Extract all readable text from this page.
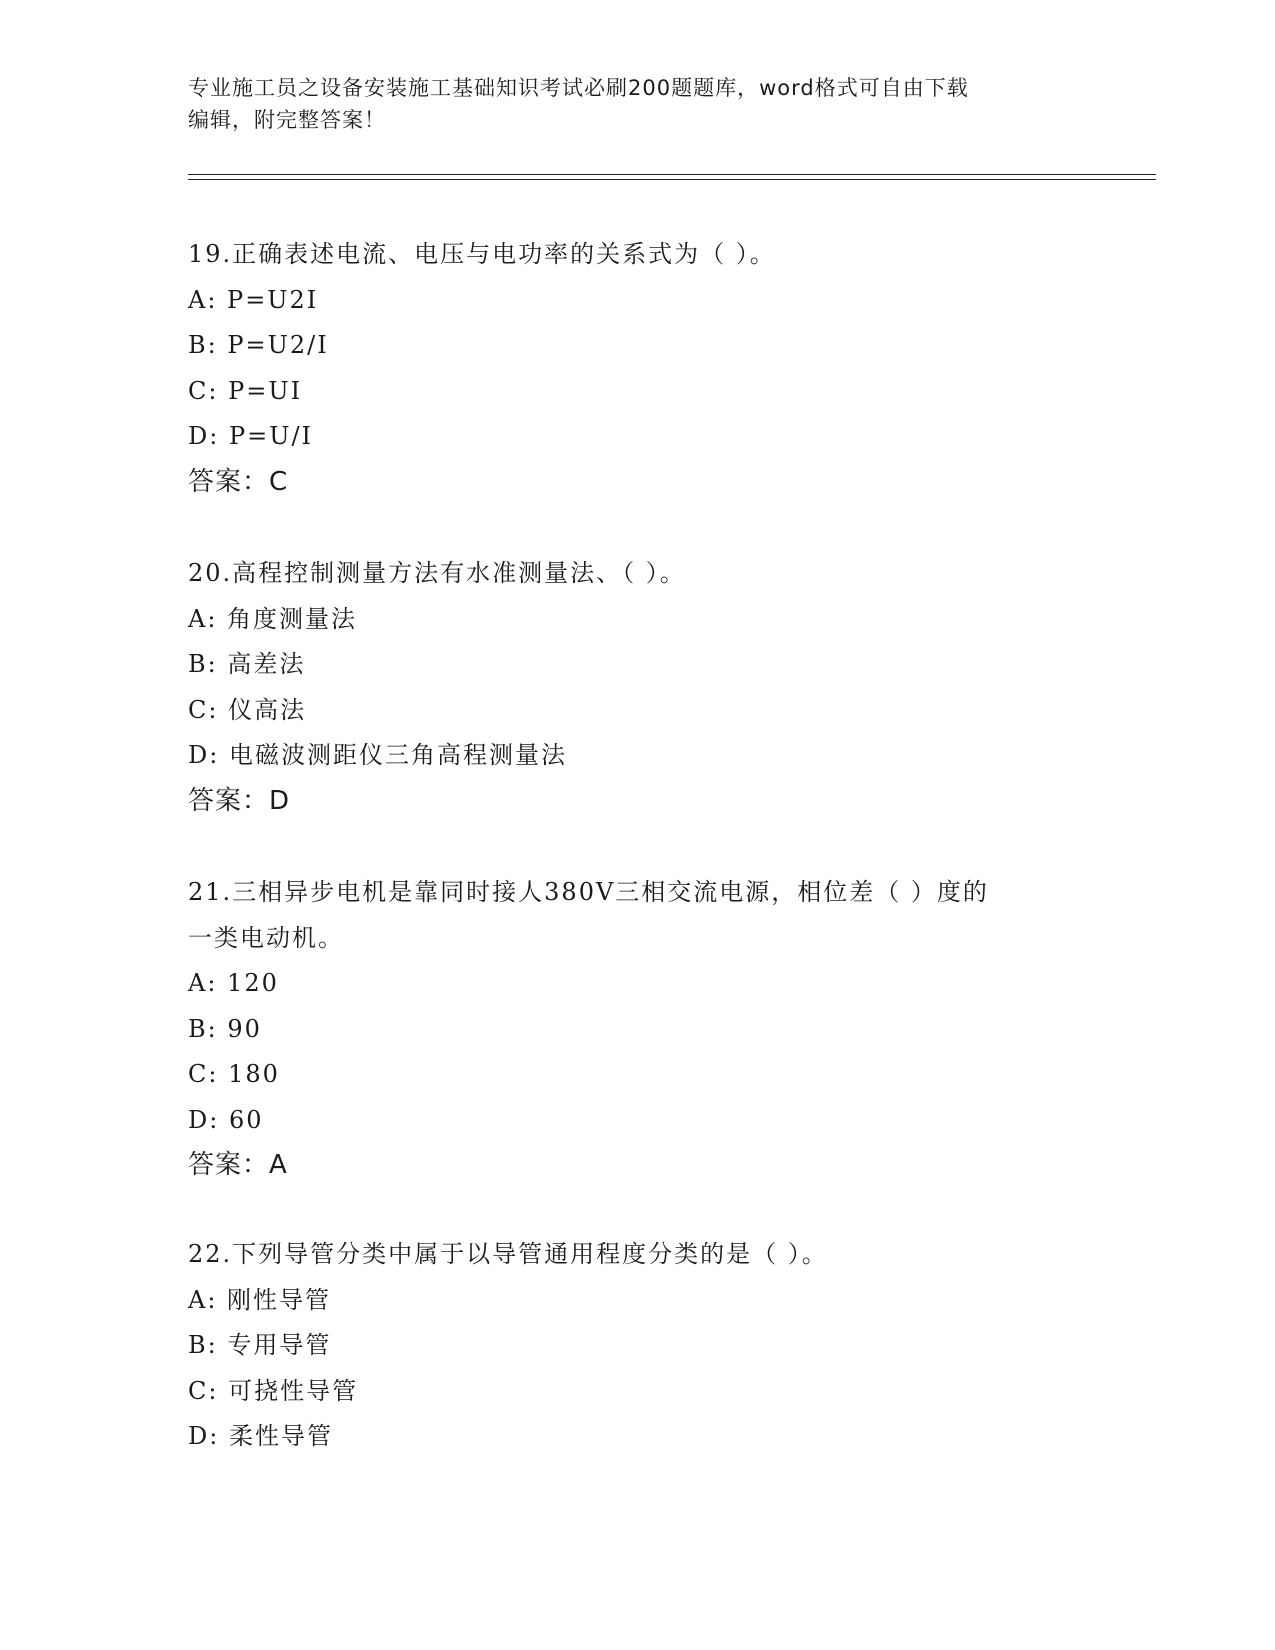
专业施工员之设备安装施工基础知识考试必刷200题题库，word格式可自由下载
编辑，附完整答案！
19.正确表述电流、电压与电功率的关系式为（ ）。
A: P=U2I
B: P=U2/I
C: P=UI
D: P=U/I
答案：C
20.高程控制测量方法有水准测量法、（ ）。
A: 角度测量法
B: 高差法
C: 仪高法
D: 电磁波测距仪三角高程测量法
答案：D
21.三相异步电机是靠同时接人380V三相交流电源，相位差（ ）度的
一类电动机。
A: 120
B: 90
C: 180
D: 60
答案：A
22.下列导管分类中属于以导管通用程度分类的是（ ）。
A: 刚性导管
B: 专用导管
C: 可挠性导管
D: 柔性导管
